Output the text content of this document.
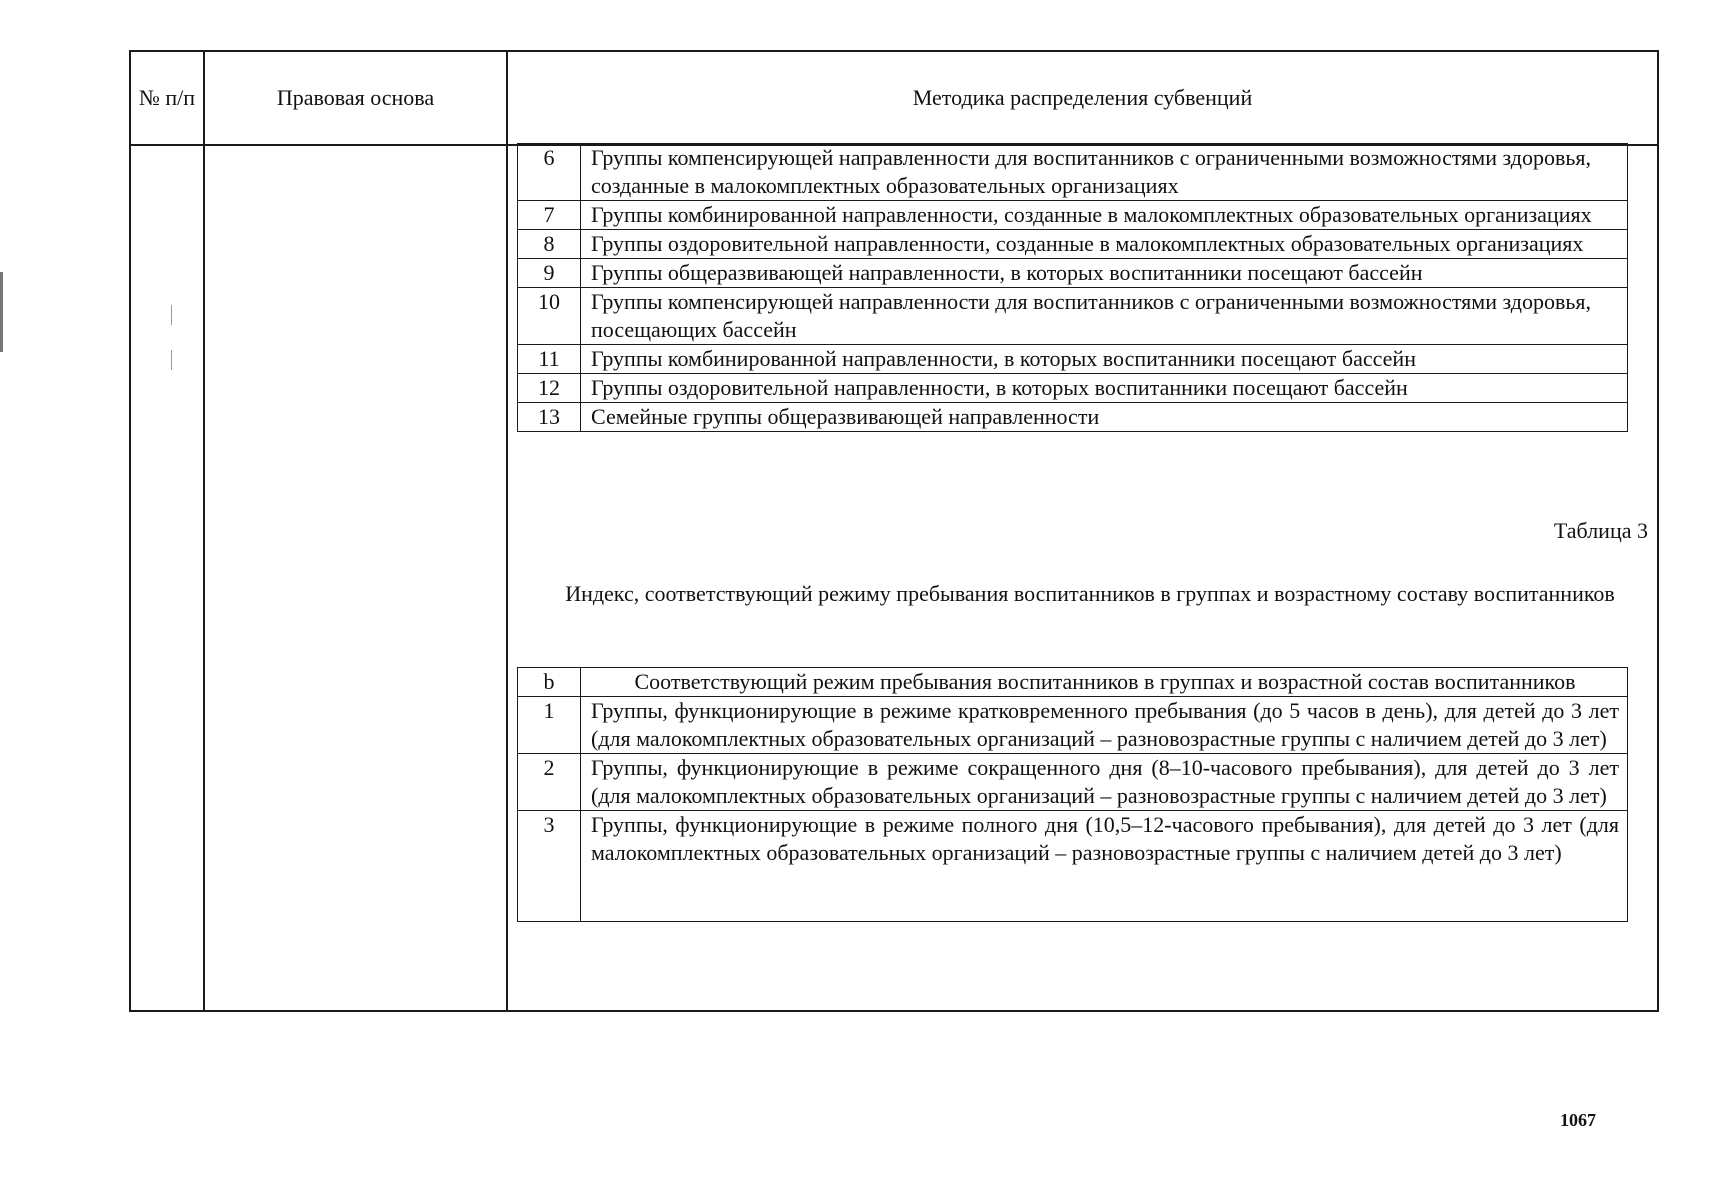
№ п/п	Правовая основа	Методика распределения субвенций
6	Группы компенсирующей направленности для воспитанников с ограниченными возможностями здоровья, созданные в малокомплектных образовательных организациях
7	Группы комбинированной направленности, созданные в малокомплектных образовательных организациях
8	Группы оздоровительной направленности, созданные в малокомплектных образовательных организациях
9	Группы общеразвивающей направленности, в которых воспитанники посещают бассейн
10	Группы компенсирующей направленности для воспитанников с ограниченными возможностями здоровья, посещающих бассейн
11	Группы комбинированной направленности, в которых воспитанники посещают бассейн
12	Группы оздоровительной направленности, в которых воспитанники посещают бассейн
13	Семейные группы общеразвивающей направленности
Таблица 3
Индекс, соответствующий режиму пребывания воспитанников в группах и возрастному составу воспитанников
b	Соответствующий режим пребывания воспитанников в группах и возрастной состав воспитанников
1	Группы, функционирующие в режиме кратковременного пребывания (до 5 часов в день), для детей до 3 лет (для малокомплектных образовательных организаций – разновозрастные группы с наличием детей до 3 лет)
2	Группы, функционирующие в режиме сокращенного дня (8–10-часового пребывания), для детей до 3 лет (для малокомплектных образовательных организаций – разновозрастные группы с наличием детей до 3 лет)
3	Группы, функционирующие в режиме полного дня (10,5–12-часового пребывания), для детей до 3 лет (для малокомплектных образовательных организаций – разновозрастные группы с наличием детей до 3 лет)
1067
